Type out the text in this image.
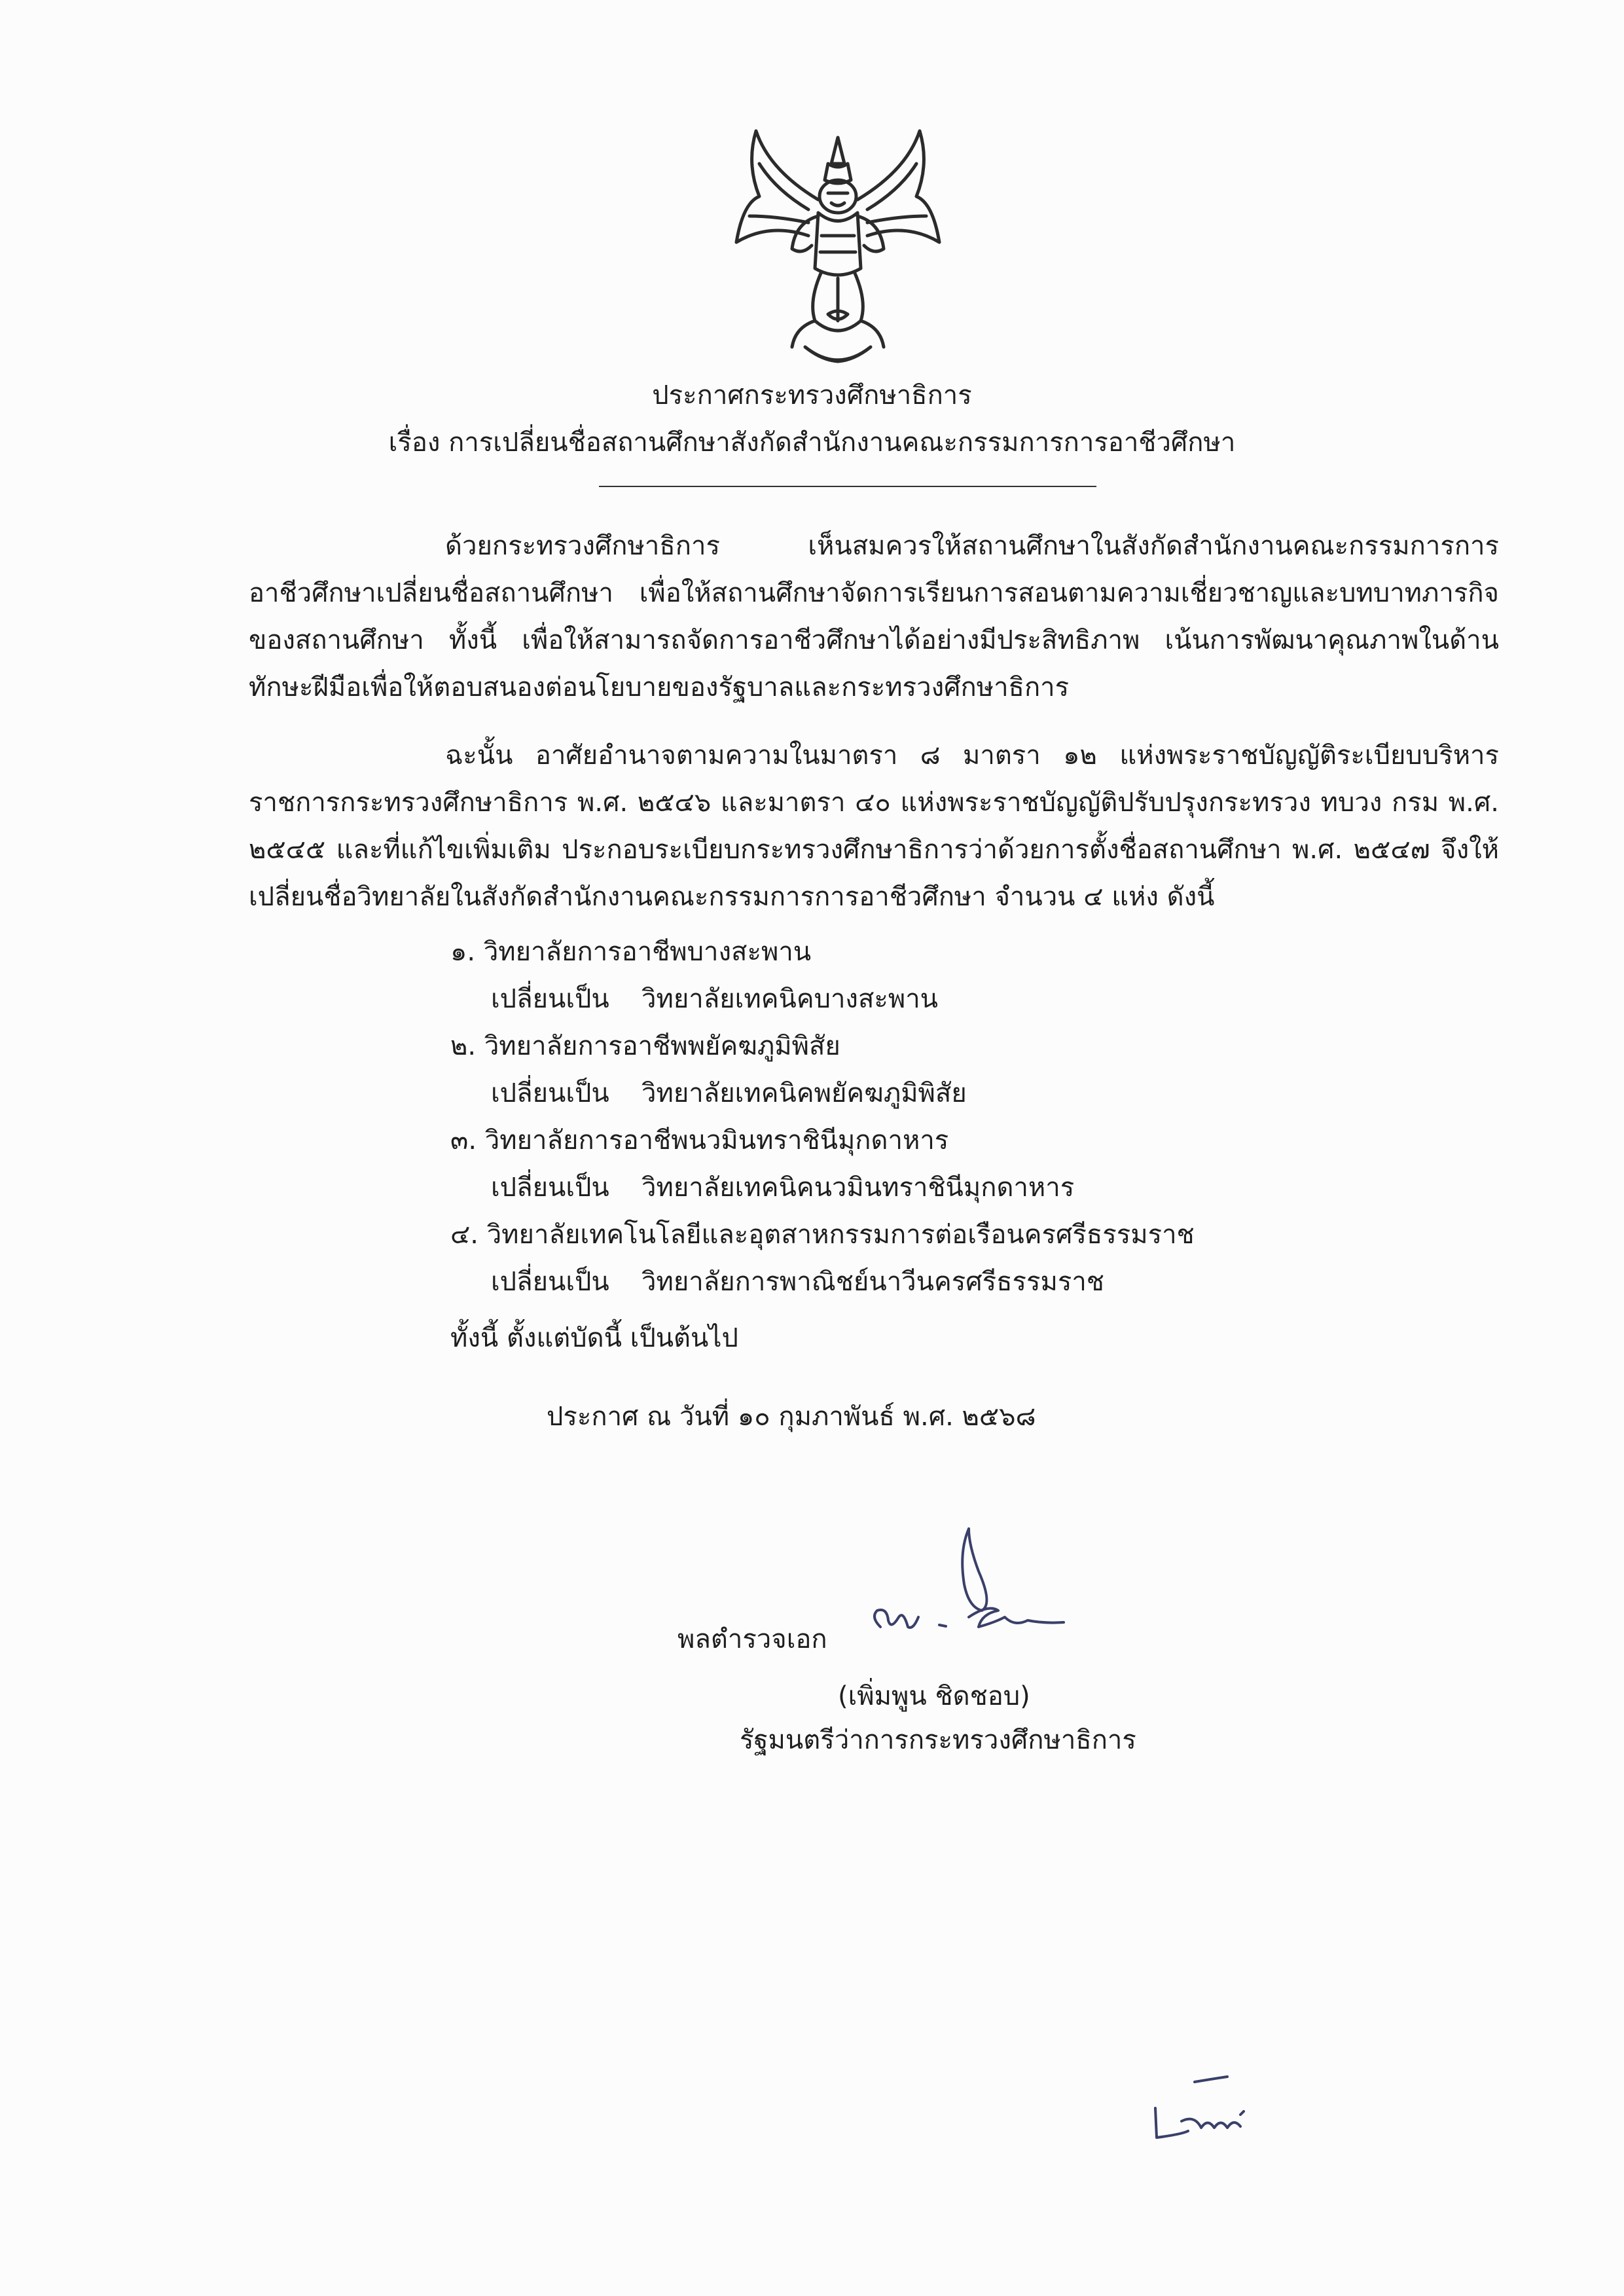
ประกาศกระทรวงศึกษาธิการ
เรื่อง การเปลี่ยนชื่อสถานศึกษาสังกัดสำนักงานคณะกรรมการการอาชีวศึกษา

ด้วยกระทรวงศึกษาธิการ เห็นสมควรให้สถานศึกษาในสังกัดสำนักงานคณะกรรมการการอาชีวศึกษาเปลี่ยนชื่อสถานศึกษา เพื่อให้สถานศึกษาจัดการเรียนการสอนตามความเชี่ยวชาญและบทบาทภารกิจของสถานศึกษา ทั้งนี้ เพื่อให้สามารถจัดการอาชีวศึกษาได้อย่างมีประสิทธิภาพ เน้นการพัฒนาคุณภาพในด้านทักษะฝีมือเพื่อให้ตอบสนองต่อนโยบายของรัฐบาลและกระทรวงศึกษาธิการ

ฉะนั้น อาศัยอำนาจตามความในมาตรา ๘ มาตรา ๑๒ แห่งพระราชบัญญัติระเบียบบริหารราชการกระทรวงศึกษาธิการ พ.ศ. ๒๕๔๖ และมาตรา ๔๐ แห่งพระราชบัญญัติปรับปรุงกระทรวง ทบวง กรม พ.ศ. ๒๕๔๕ และที่แก้ไขเพิ่มเติม ประกอบระเบียบกระทรวงศึกษาธิการว่าด้วยการตั้งชื่อสถานศึกษา พ.ศ. ๒๕๔๗ จึงให้เปลี่ยนชื่อวิทยาลัยในสังกัดสำนักงานคณะกรรมการการอาชีวศึกษา จำนวน ๔ แห่ง ดังนี้

๑. วิทยาลัยการอาชีพบางสะพาน
เปลี่ยนเป็น วิทยาลัยเทคนิคบางสะพาน
๒. วิทยาลัยการอาชีพพยัคฆภูมิพิสัย
เปลี่ยนเป็น วิทยาลัยเทคนิคพยัคฆภูมิพิสัย
๓. วิทยาลัยการอาชีพนวมินทราชินีมุกดาหาร
เปลี่ยนเป็น วิทยาลัยเทคนิคนวมินทราชินีมุกดาหาร
๔. วิทยาลัยเทคโนโลยีและอุตสาหกรรมการต่อเรือนครศรีธรรมราช
เปลี่ยนเป็น วิทยาลัยการพาณิชย์นาวีนครศรีธรรมราช
ทั้งนี้ ตั้งแต่บัดนี้ เป็นต้นไป
ประกาศ ณ วันที่ ๑๐ กุมภาพันธ์ พ.ศ. ๒๕๖๘
พลตำรวจเอก
(เพิ่มพูน ชิดชอบ)
รัฐมนตรีว่าการกระทรวงศึกษาธิการ
